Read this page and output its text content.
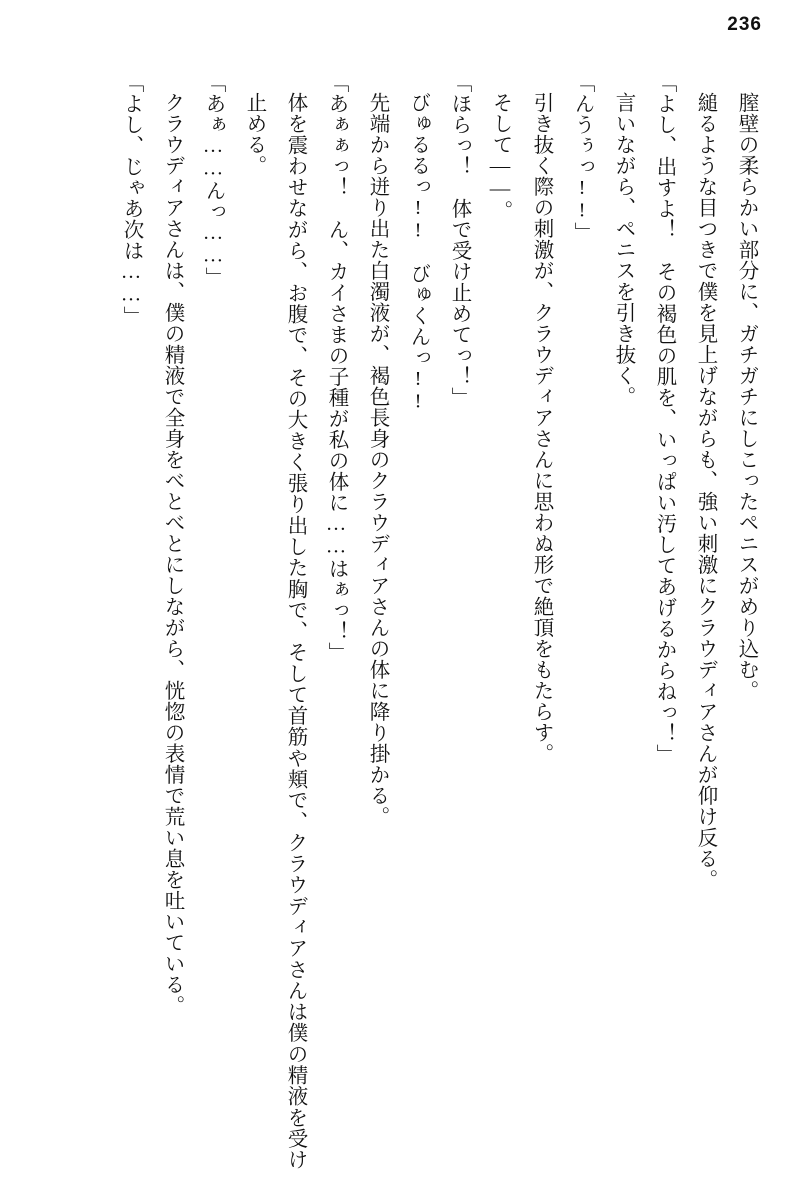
236

膣壁の柔らかい部分に、ガチガチにしこったペニスがめり込む。

縋るような目つきで僕を見上げながらも、強い刺激にクラウディアさんが仰け反る。

「よし、出すよ！　その褐色の肌を、いっぱい汚してあげるからねっ！」

言いながら、ペニスを引き抜く。

「んうぅっ!!」

引き抜く際の刺激が、クラウディアさんに思わぬ形で絶頂をもたらす。

そして――。

「ほらっ！　体で受け止めてっ！」

びゅるるっ!!　びゅくんっ!!

先端から迸り出た白濁液が、褐色長身のクラウディアさんの体に降り掛かる。

「あぁぁっ！　ん、カイさまの子種が私の体に……はぁっ！」

体を震わせながら、お腹で、その大きく張り出した胸で、そして首筋や頬で、クラウディアさんは僕の精液を受け止める。

「あぁ……んっ……」

クラウディアさんは、僕の精液で全身をべとべとにしながら、恍惚の表情で荒い息を吐いている。

「よし、じゃあ次は……」
